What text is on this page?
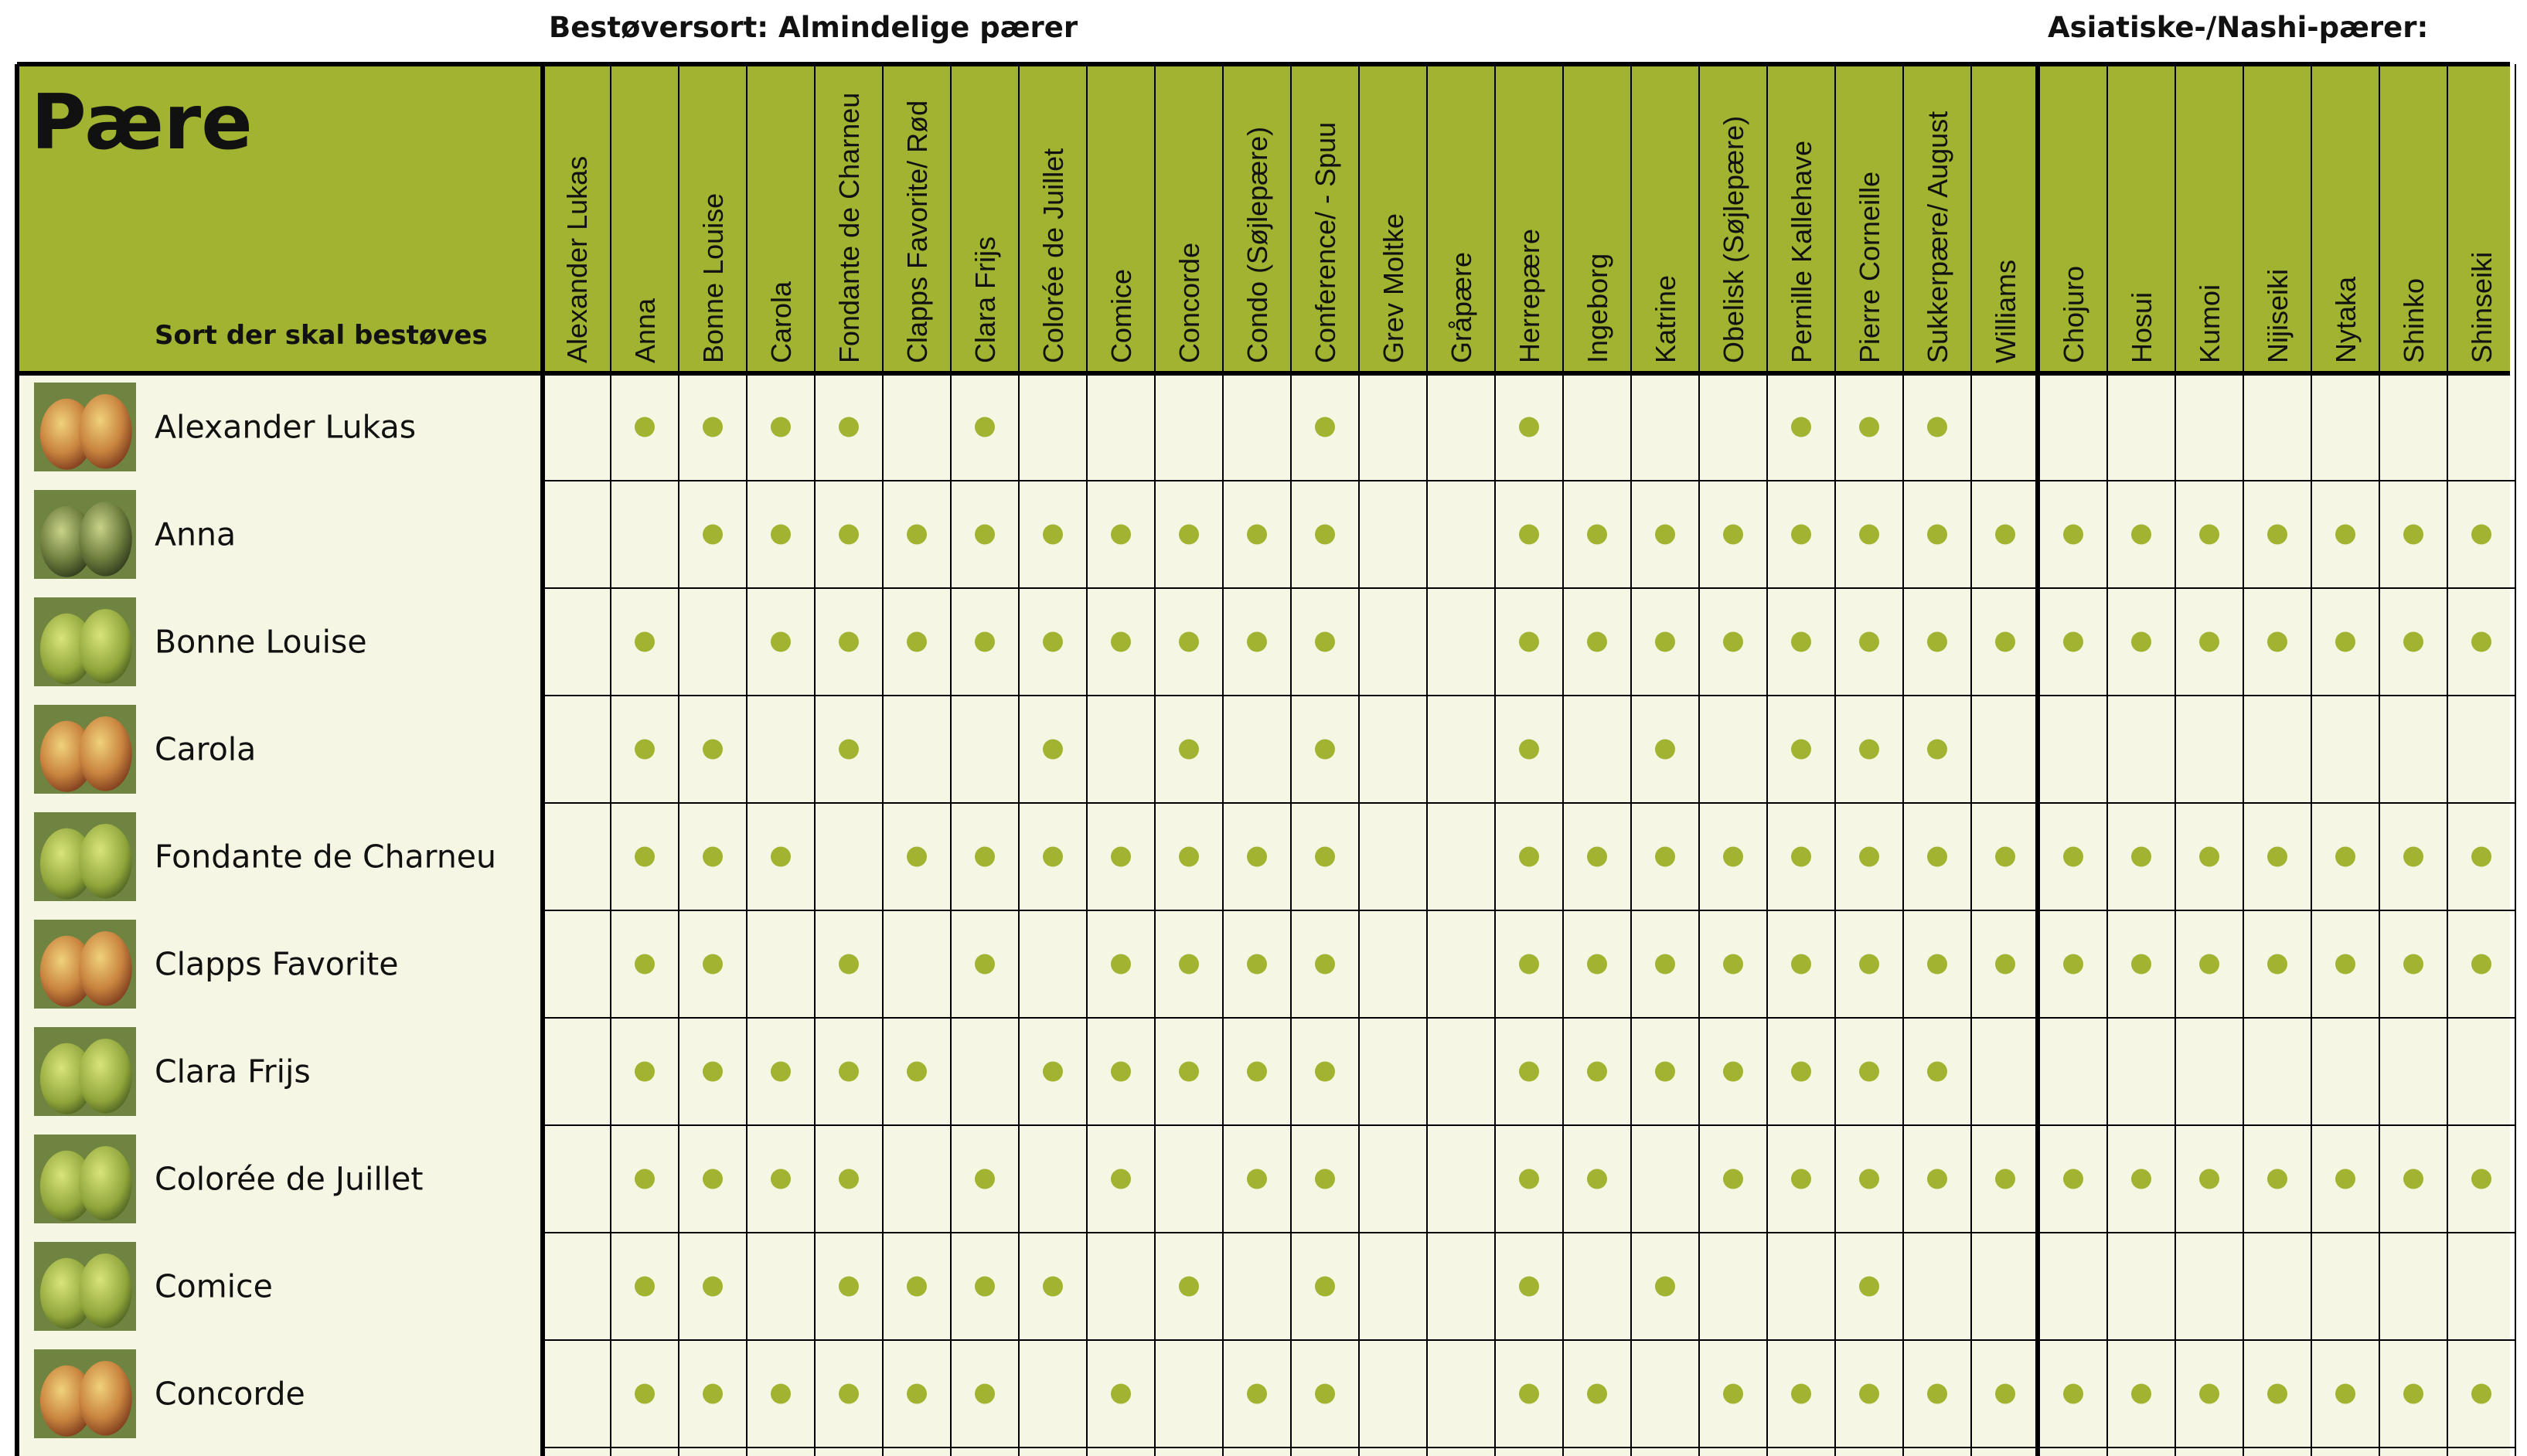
Bestøversort: Almindelige pærer	Asiatiske-/Nashi-pærer:
Pære
Sort der skal bestøves	Alexander Lukas Anna Bonne Louise Carola Fondante de Charneu Clapps Favorite/ Rød Clara Frijs Colorée de Juillet Comice Concorde Condo (Søjlepære) Conference/ - Spuu Grev Moltke Gråpære Herrepære Ingeborg Katrine Obelisk (Søjlepære) Pernille Kallehave Pierre Corneille Sukkerpære/ August Williams Chojuro Hosui Kumoi Nijiseiki Nytaka Shinko Shinseiki
Alexander Lukas
Anna
Bonne Louise
Carola
Fondante de Charneu
Clapps Favorite
Clara Frijs
Colorée de Juillet
Comice
Concorde
